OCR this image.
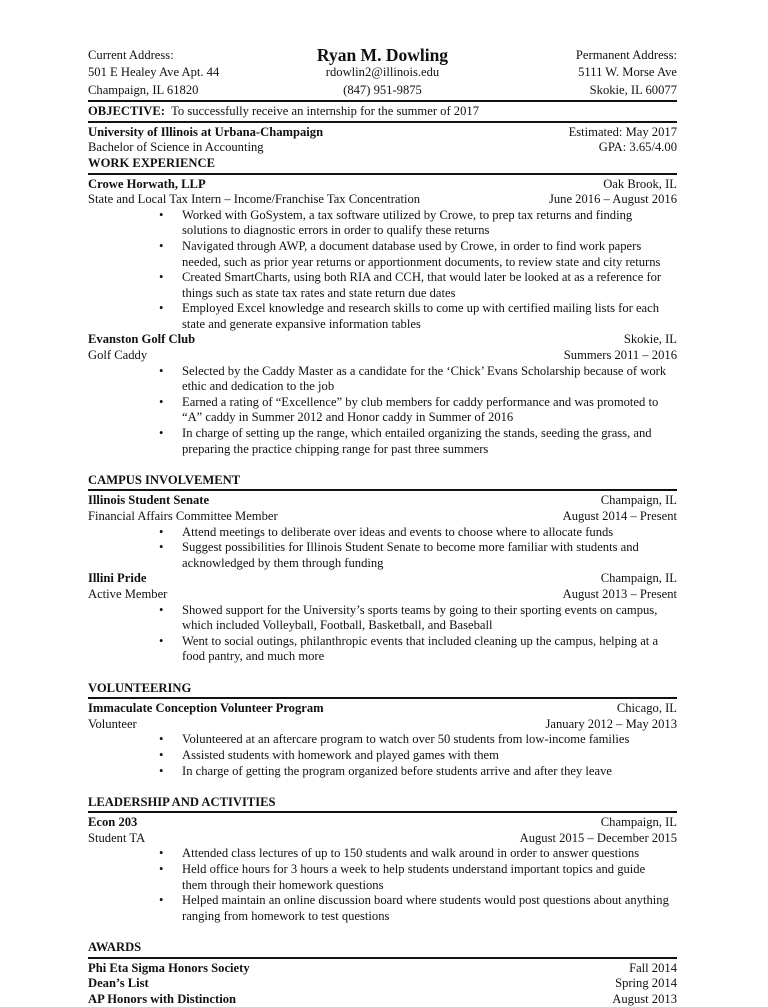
Current Address:	Ryan M. Dowling	Permanent Address:
501 E Healey Ave Apt. 44	rdowlin2@illinois.edu	5111 W. Morse Ave
Champaign, IL 61820	(847) 951-9875	Skokie, IL 60077
OBJECTIVE: To successfully receive an internship for the summer of 2017
University of Illinois at Urbana-Champaign	Estimated: May 2017
Bachelor of Science in Accounting	GPA: 3.65/4.00
WORK EXPERIENCE
Crowe Horwath, LLP	Oak Brook, IL
State and Local Tax Intern – Income/Franchise Tax Concentration	June 2016 – August 2016
• Worked with GoSystem, a tax software utilized by Crowe, to prep tax returns and finding solutions to diagnostic errors in order to qualify these returns
• Navigated through AWP, a document database used by Crowe, in order to find work papers needed, such as prior year returns or apportionment documents, to review state and city returns
• Created SmartCharts, using both RIA and CCH, that would later be looked at as a reference for things such as state tax rates and state return due dates
• Employed Excel knowledge and research skills to come up with certified mailing lists for each state and generate expansive information tables
Evanston Golf Club	Skokie, IL
Golf Caddy	Summers 2011 – 2016
• Selected by the Caddy Master as a candidate for the ‘Chick’ Evans Scholarship because of work ethic and dedication to the job
• Earned a rating of “Excellence” by club members for caddy performance and was promoted to “A” caddy in Summer 2012 and Honor caddy in Summer of 2016
• In charge of setting up the range, which entailed organizing the stands, seeding the grass, and preparing the practice chipping range for past three summers
CAMPUS INVOLVEMENT
Illinois Student Senate	Champaign, IL
Financial Affairs Committee Member	August 2014 – Present
• Attend meetings to deliberate over ideas and events to choose where to allocate funds
• Suggest possibilities for Illinois Student Senate to become more familiar with students and acknowledged by them through funding
Illini Pride	Champaign, IL
Active Member	August 2013 – Present
• Showed support for the University’s sports teams by going to their sporting events on campus, which included Volleyball, Football, Basketball, and Baseball
• Went to social outings, philanthropic events that included cleaning up the campus, helping at a food pantry, and much more
VOLUNTEERING
Immaculate Conception Volunteer Program	Chicago, IL
Volunteer	January 2012 – May 2013
• Volunteered at an aftercare program to watch over 50 students from low-income families
• Assisted students with homework and played games with them
• In charge of getting the program organized before students arrive and after they leave
LEADERSHIP AND ACTIVITIES
Econ 203	Champaign, IL
Student TA	August 2015 – December 2015
• Attended class lectures of up to 150 students and walk around in order to answer questions
• Held office hours for 3 hours a week to help students understand important topics and guide them through their homework questions
• Helped maintain an online discussion board where students would post questions about anything ranging from homework to test questions
AWARDS
Phi Eta Sigma Honors Society	Fall 2014
Dean’s List	Spring 2014
AP Honors with Distinction	August 2013
